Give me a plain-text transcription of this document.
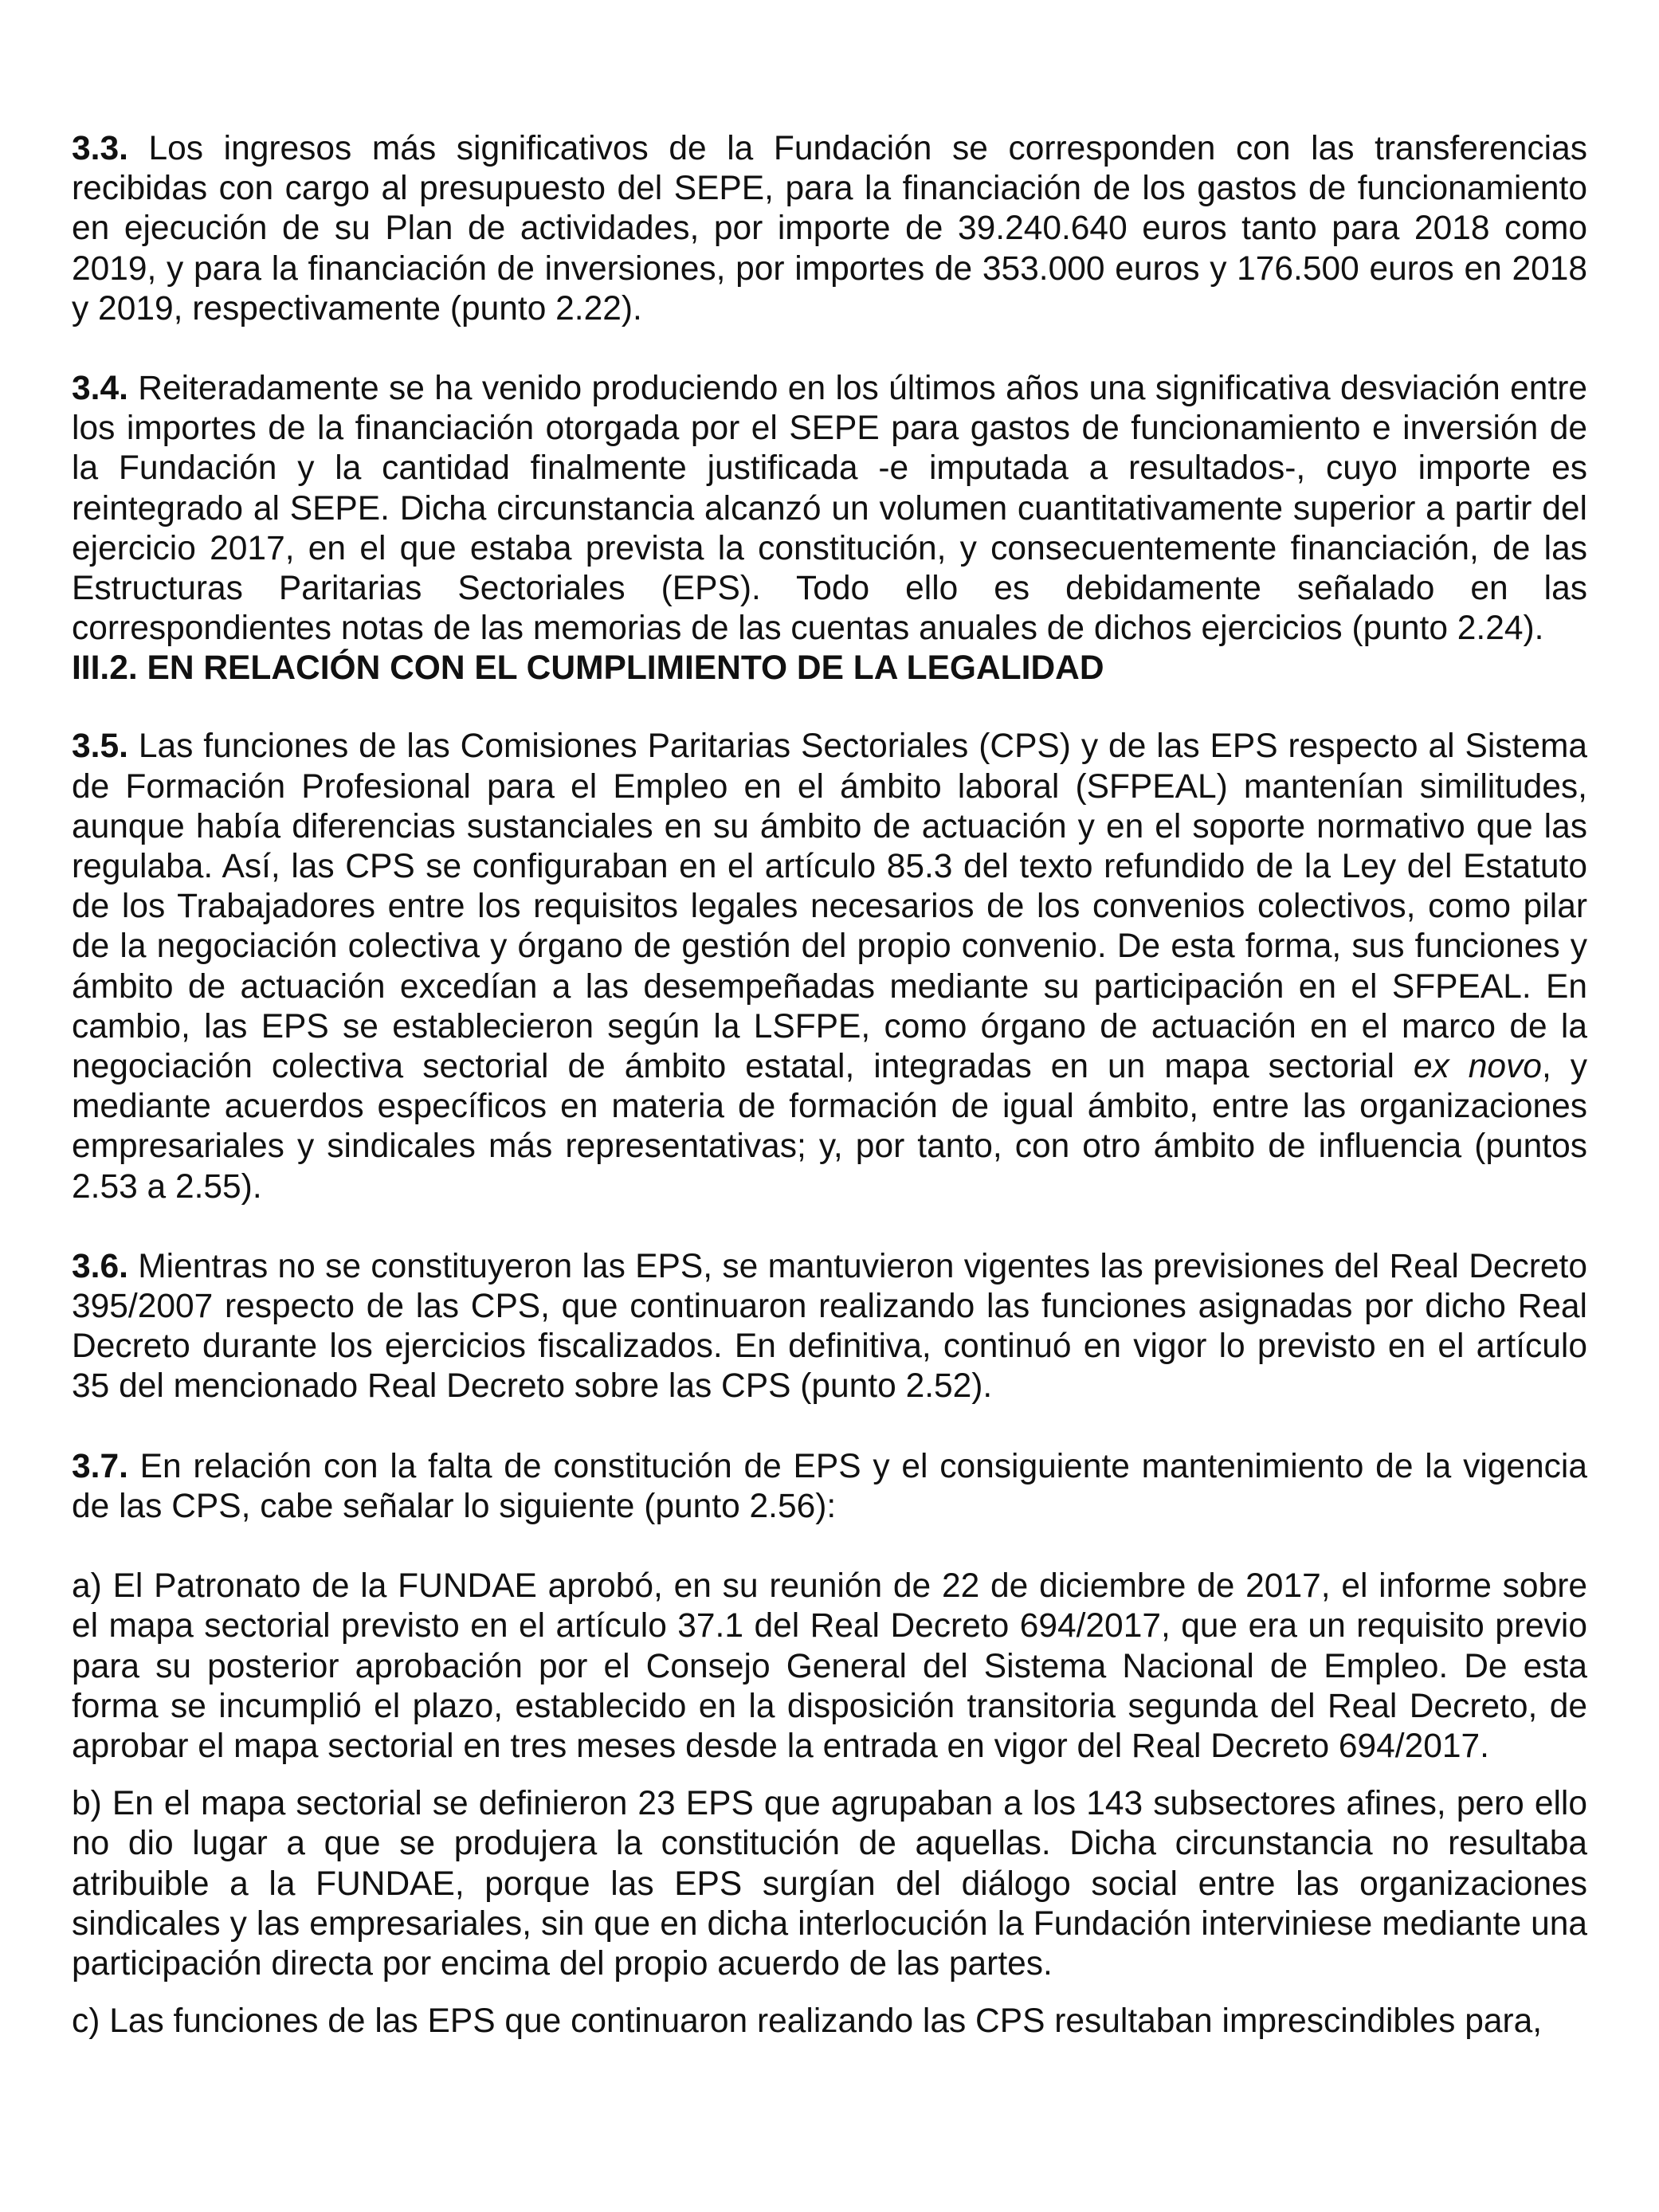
3.3. Los ingresos más significativos de la Fundación se corresponden con las transferencias recibidas con cargo al presupuesto del SEPE, para la financiación de los gastos de funcionamiento en ejecución de su Plan de actividades, por importe de 39.240.640 euros tanto para 2018 como 2019, y para la financiación de inversiones, por importes de 353.000 euros y 176.500 euros en 2018 y 2019, respectivamente (punto 2.22).

3.4. Reiteradamente se ha venido produciendo en los últimos años una significativa desviación entre los importes de la financiación otorgada por el SEPE para gastos de funcionamiento e inversión de la Fundación y la cantidad finalmente justificada -e imputada a resultados-, cuyo importe es reintegrado al SEPE. Dicha circunstancia alcanzó un volumen cuantitativamente superior a partir del ejercicio 2017, en el que estaba prevista la constitución, y consecuentemente financiación, de las Estructuras Paritarias Sectoriales (EPS). Todo ello es debidamente señalado en las correspondientes notas de las memorias de las cuentas anuales de dichos ejercicios (punto 2.24).

III.2. EN RELACIÓN CON EL CUMPLIMIENTO DE LA LEGALIDAD

3.5. Las funciones de las Comisiones Paritarias Sectoriales (CPS) y de las EPS respecto al Sistema de Formación Profesional para el Empleo en el ámbito laboral (SFPEAL) mantenían similitudes, aunque había diferencias sustanciales en su ámbito de actuación y en el soporte normativo que las regulaba. Así, las CPS se configuraban en el artículo 85.3 del texto refundido de la Ley del Estatuto de los Trabajadores entre los requisitos legales necesarios de los convenios colectivos, como pilar de la negociación colectiva y órgano de gestión del propio convenio. De esta forma, sus funciones y ámbito de actuación excedían a las desempeñadas mediante su participación en el SFPEAL. En cambio, las EPS se establecieron según la LSFPE, como órgano de actuación en el marco de la negociación colectiva sectorial de ámbito estatal, integradas en un mapa sectorial ex novo, y mediante acuerdos específicos en materia de formación de igual ámbito, entre las organizaciones empresariales y sindicales más representativas; y, por tanto, con otro ámbito de influencia (puntos 2.53 a 2.55).

3.6. Mientras no se constituyeron las EPS, se mantuvieron vigentes las previsiones del Real Decreto 395/2007 respecto de las CPS, que continuaron realizando las funciones asignadas por dicho Real Decreto durante los ejercicios fiscalizados. En definitiva, continuó en vigor lo previsto en el artículo 35 del mencionado Real Decreto sobre las CPS (punto 2.52).

3.7. En relación con la falta de constitución de EPS y el consiguiente mantenimiento de la vigencia de las CPS, cabe señalar lo siguiente (punto 2.56):

a) El Patronato de la FUNDAE aprobó, en su reunión de 22 de diciembre de 2017, el informe sobre el mapa sectorial previsto en el artículo 37.1 del Real Decreto 694/2017, que era un requisito previo para su posterior aprobación por el Consejo General del Sistema Nacional de Empleo. De esta forma se incumplió el plazo, establecido en la disposición transitoria segunda del Real Decreto, de aprobar el mapa sectorial en tres meses desde la entrada en vigor del Real Decreto 694/2017.

b) En el mapa sectorial se definieron 23 EPS que agrupaban a los 143 subsectores afines, pero ello no dio lugar a que se produjera la constitución de aquellas. Dicha circunstancia no resultaba atribuible a la FUNDAE, porque las EPS surgían del diálogo social entre las organizaciones sindicales y las empresariales, sin que en dicha interlocución la Fundación interviniese mediante una participación directa por encima del propio acuerdo de las partes.

c) Las funciones de las EPS que continuaron realizando las CPS resultaban imprescindibles para,
